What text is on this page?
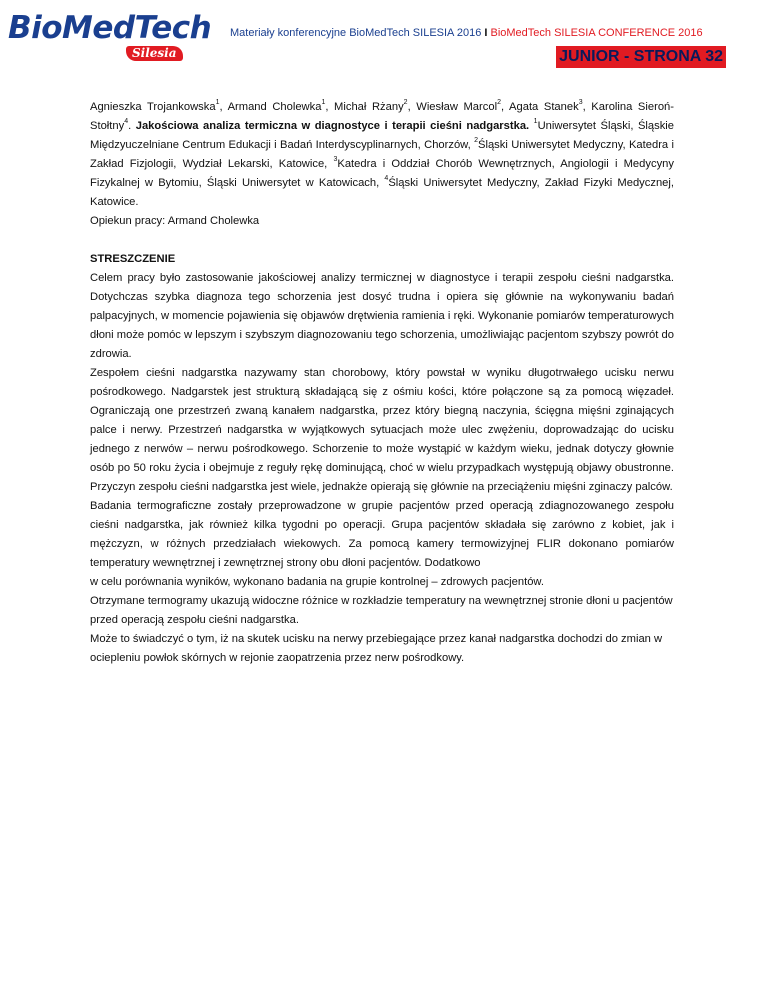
BioMedTech
Silesia
Materiały konferencyjne BioMedTech SILESIA 2016 I BioMedTech SILESIA CONFERENCE 2016
JUNIOR - STRONA 32

Agnieszka Trojankowska$^1$, Armand Cholewka$^1$, Michał Rżany$^2$, Wiesław Marcol$^2$, Agata Stanek$^3$, Karolina Sieroń-Stołtny$^4$. Jakościowa analiza termiczna w diagnostyce i terapii cieśni nadgarstka. $^1$Uniwersytet Śląski, Śląskie Międzyuczelniane Centrum Edukacji i Badań Interdyscyplinarnych, Chorzów, $^2$Śląski Uniwersytet Medyczny, Katedra i Zakład Fizjologii, Wydział Lekarski, Katowice, $^3$Katedra i Oddział Chorób Wewnętrznych, Angiologii i Medycyny Fizykalnej w Bytomiu, Śląski Uniwersytet w Katowicach, $^4$Śląski Uniwersytet Medyczny, Zakład Fizyki Medycznej, Katowice.

Opiekun pracy: Armand Cholewka

STRESZCZENIE

Celem pracy było zastosowanie jakościowej analizy termicznej w diagnostyce i terapii zespołu cieśni nadgarstka. Dotychczas szybka diagnoza tego schorzenia jest dosyć trudna i opiera się głównie na wykonywaniu badań palpacyjnych, w momencie pojawienia się objawów drętwienia ramienia i ręki. Wykonanie pomiarów temperaturowych dłoni może pomóc w lepszym i szybszym diagnozowaniu tego schorzenia, umożliwiając pacjentom szybszy powrót do zdrowia.

Zespołem cieśni nadgarstka nazywamy stan chorobowy, który powstał w wyniku długotrwałego ucisku nerwu pośrodkowego. Nadgarstek jest strukturą składającą się z ośmiu kości, które połączone są za pomocą więzadeł. Ograniczają one przestrzeń zwaną kanałem nadgarstka, przez który biegną naczynia, ścięgna mięśni zginających palce i nerwy. Przestrzeń nadgarstka w wyjątkowych sytuacjach może ulec zwężeniu, doprowadzając do ucisku jednego z nerwów – nerwu pośrodkowego. Schorzenie to może wystąpić w każdym wieku, jednak dotyczy głownie osób po 50 roku życia i obejmuje z reguły rękę dominującą, choć w wielu przypadkach występują objawy obustronne. Przyczyn zespołu cieśni nadgarstka jest wiele, jednakże opierają się głównie na przeciążeniu mięśni zginaczy palców.

Badania termograficzne zostały przeprowadzone w grupie pacjentów przed operacją zdiagnozowanego zespołu cieśni nadgarstka, jak również kilka tygodni po operacji. Grupa pacjentów składała się zarówno z kobiet, jak i mężczyzn, w różnych przedziałach wiekowych. Za pomocą kamery termowizyjnej FLIR dokonano pomiarów temperatury wewnętrznej i zewnętrznej strony obu dłoni pacjentów. Dodatkowo

w celu porównania wyników, wykonano badania na grupie kontrolnej – zdrowych pacjentów.

Otrzymane termogramy ukazują widoczne różnice w rozkładzie temperatury na wewnętrznej stronie dłoni u pacjentów przed operacją zespołu cieśni nadgarstka.

Może to świadczyć o tym, iż na skutek ucisku na nerwy przebiegające przez kanał nadgarstka dochodzi do zmian w ociepleniu powłok skórnych w rejonie zaopatrzenia przez nerw pośrodkowy.
